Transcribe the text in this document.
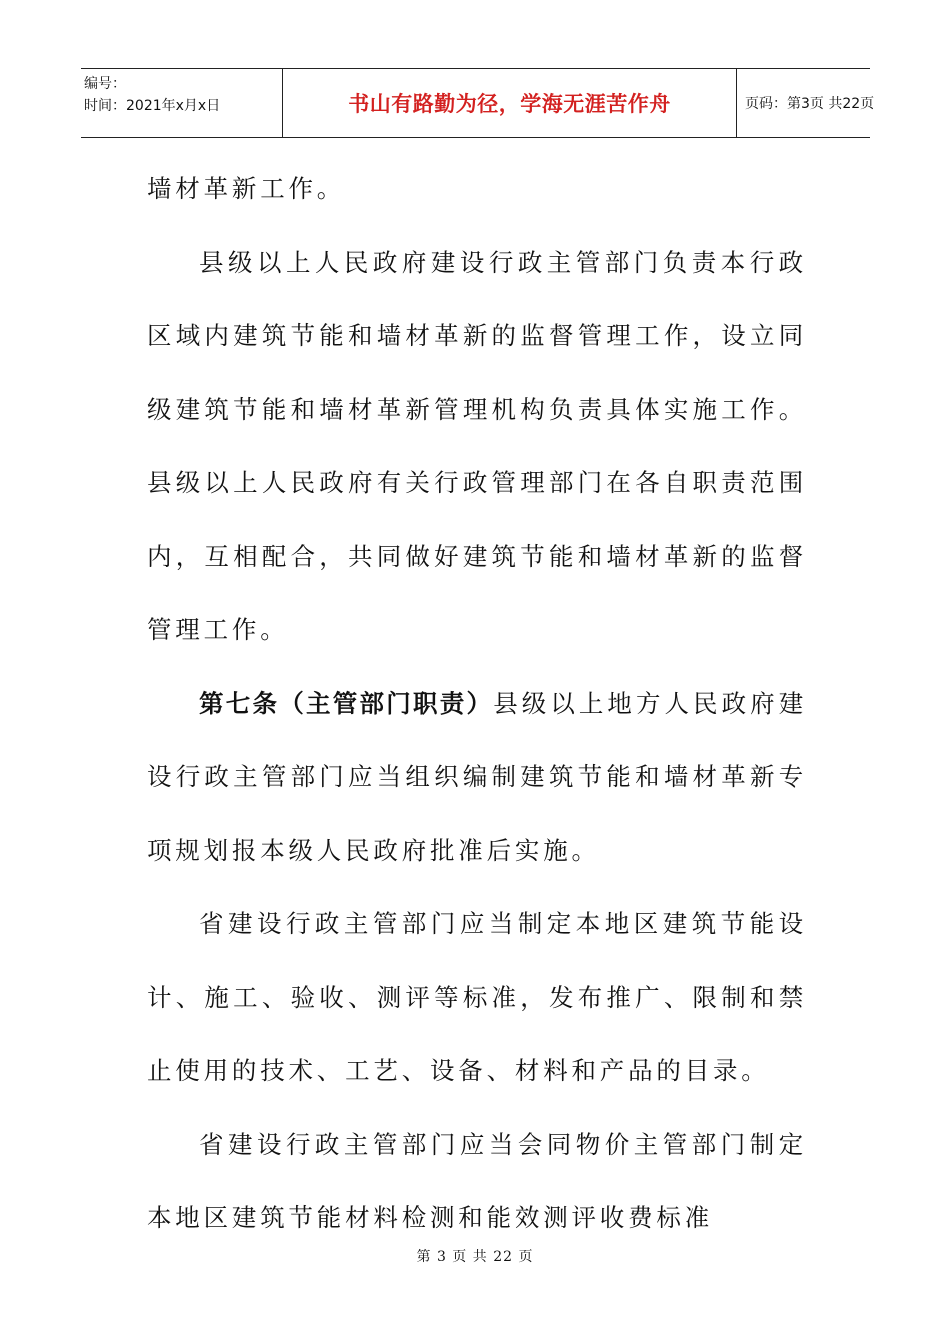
编号：
时间：2021年x月x日	书山有路勤为径，学海无涯苦作舟	页码：第3页 共22页

墙材革新工作。

县级以上人民政府建设行政主管部门负责本行政区域内建筑节能和墙材革新的监督管理工作，设立同级建筑节能和墙材革新管理机构负责具体实施工作。县级以上人民政府有关行政管理部门在各自职责范围内，互相配合，共同做好建筑节能和墙材革新的监督管理工作。

第七条（主管部门职责）县级以上地方人民政府建设行政主管部门应当组织编制建筑节能和墙材革新专项规划报本级人民政府批准后实施。

省建设行政主管部门应当制定本地区建筑节能设计、施工、验收、测评等标准，发布推广、限制和禁止使用的技术、工艺、设备、材料和产品的目录。

省建设行政主管部门应当会同物价主管部门制定本地区建筑节能材料检测和能效测评收费标准

第 3 页 共 22 页
